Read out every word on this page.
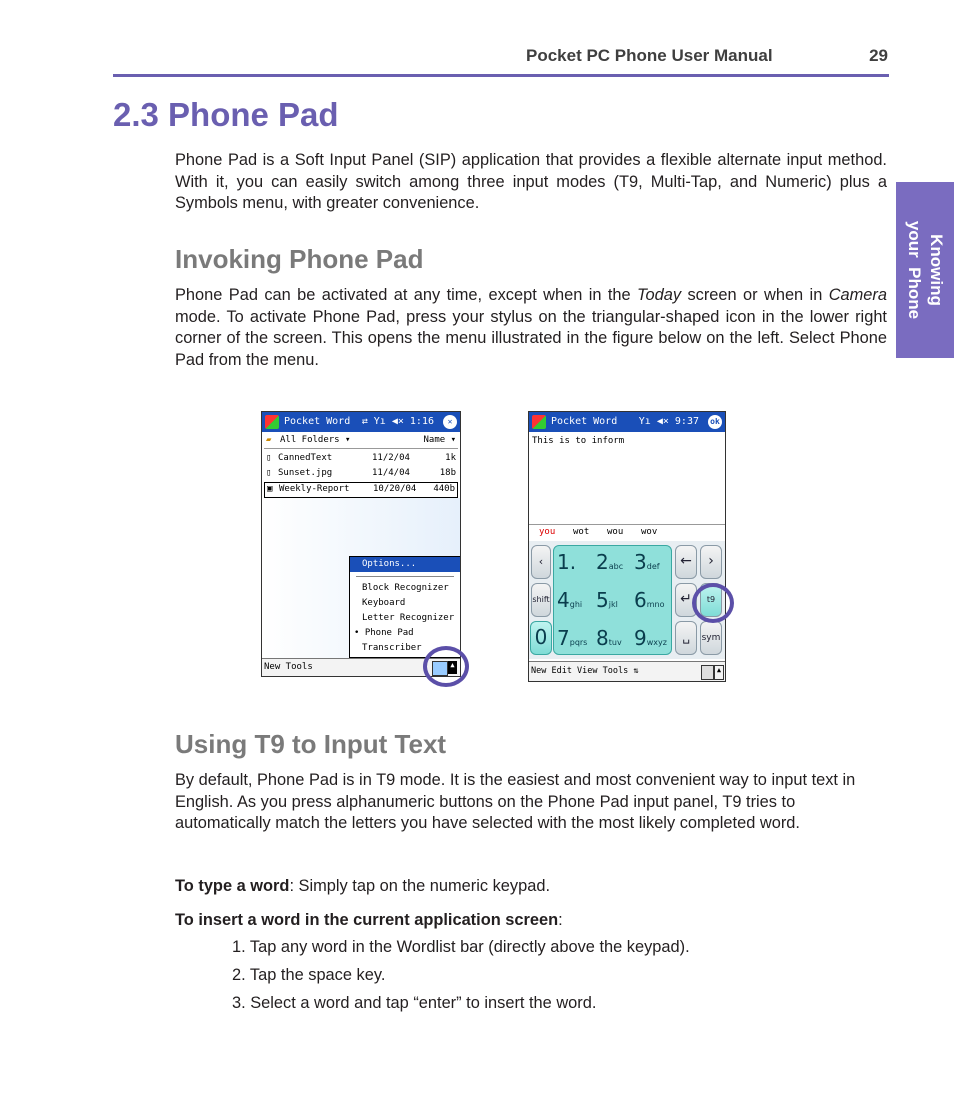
Pocket PC Phone User Manual	29
Knowing
your  Phone
2.3 Phone Pad

Phone Pad is a Soft Input Panel (SIP) application that provides a flexible alternate input method. With it, you can easily switch among three input modes (T9, Multi-Tap, and Numeric) plus a Symbols menu, with greater convenience.

Invoking Phone Pad

Phone Pad can be activated at any time, except when in the Today screen or when in Camera mode. To activate Phone Pad, press your stylus on the triangular-shaped icon in the lower right corner of the screen. This opens the menu illustrated in the figure below on the left. Select Phone Pad from the menu.

Pocket Word ⇄ Yı ◀× 1:16	✕
▰ All Folders ▾	Name ▾
▯ CannedText	11/2/04	1k
▯ Sunset.jpg	11/4/04	18b
▣ Weekly-Report	10/20/04 440b
Options...
Block Recognizer
Keyboard
Letter Recognizer
• Phone Pad
Transcriber
New Tools	▲
Pocket Word Yı ◀× 9:37 ok
This is to inform
you wot wou wov
‹
shift
0
1. 2abc 3def
4ghi 5jkl 6mno
7pqrs 8tuv 9wxyz
←	›
↵	t9
␣	sym
New Edit View Tools ⇅	▲
Using T9 to Input Text

By default, Phone Pad is in T9 mode. It is the easiest and most convenient way to input text in English. As you press alphanumeric buttons on the Phone Pad input panel, T9 tries to automatically match the letters you have selected with the most likely completed word.

To type a word: Simply tap on the numeric keypad.

To insert a word in the current application screen:

1. Tap any word in the Wordlist bar (directly above the keypad).
2. Tap the space key.
3. Select a word and tap “enter” to insert the word.
